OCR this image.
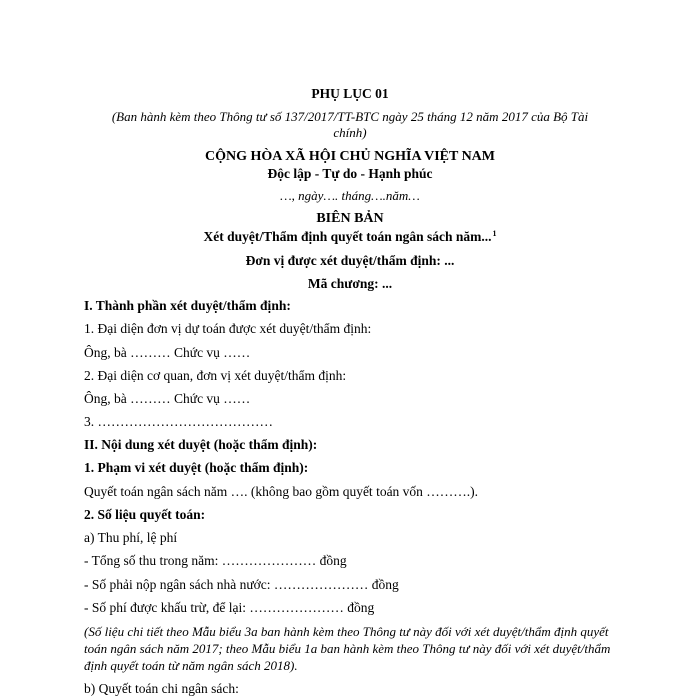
PHỤ LỤC 01
(Ban hành kèm theo Thông tư số 137/2017/TT-BTC ngày 25 tháng 12 năm 2017 của Bộ Tài
chính)
CỘNG HÒA XÃ HỘI CHỦ NGHĨA VIỆT NAM
Độc lập - Tự do - Hạnh phúc
…, ngày…. tháng….năm…
BIÊN BẢN
Xét duyệt/Thẩm định quyết toán ngân sách năm...$^1$
Đơn vị được xét duyệt/thẩm định: ...
Mã chương: ...
I. Thành phần xét duyệt/thẩm định:
1. Đại diện đơn vị dự toán được xét duyệt/thẩm định:
Ông, bà ……… Chức vụ ……
2. Đại diện cơ quan, đơn vị xét duyệt/thẩm định:
Ông, bà ……… Chức vụ ……
3. …………………………………
II. Nội dung xét duyệt (hoặc thẩm định):
1. Phạm vi xét duyệt (hoặc thẩm định):
Quyết toán ngân sách năm …. (không bao gồm quyết toán vốn ……….).
2. Số liệu quyết toán:
a) Thu phí, lệ phí
- Tổng số thu trong năm: ………………… đồng
- Số phải nộp ngân sách nhà nước: ………………… đồng
- Số phí được khấu trừ, để lại: ………………… đồng
(Số liệu chi tiết theo Mẫu biểu 3a ban hành kèm theo Thông tư này đối với xét duyệt/thẩm định quyết toán ngân sách năm 2017; theo Mẫu biểu 1a ban hành kèm theo Thông tư này đối với xét duyệt/thẩm định quyết toán từ năm ngân sách 2018).
b) Quyết toán chi ngân sách:
